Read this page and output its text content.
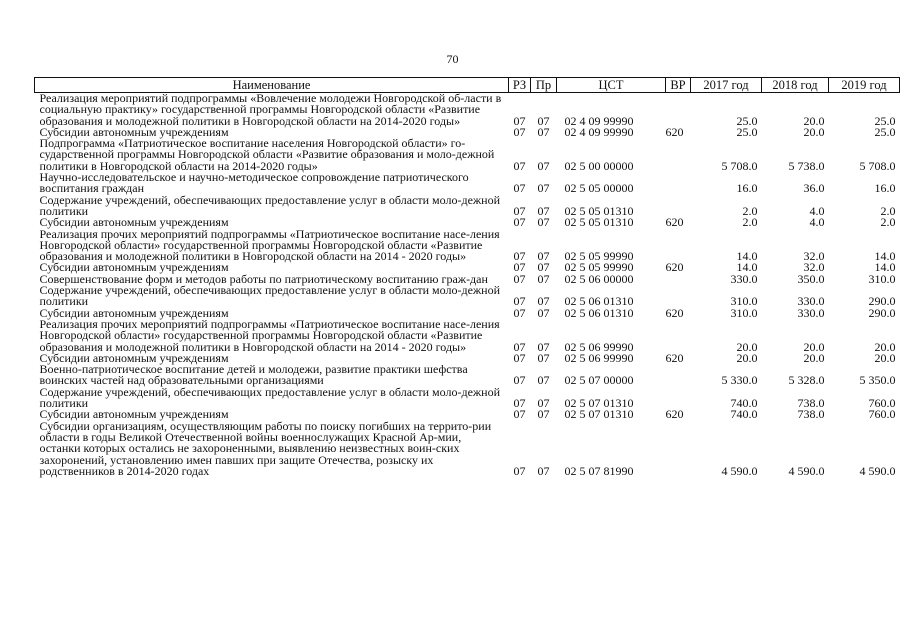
70
Наименование	РЗ	Пр	ЦСТ	ВР	2017 год	2018 год	2019 год
Реализация мероприятий подпрограммы «Вовлечение молодежи Новгородской об-ласти в социальную практику» государственной программы Новгородской области «Развитие образования и молодежной политики в Новгородской области на 2014-2020 годы»	07	07	02 4 09 99990		25.0	20.0	25.0
Субсидии автономным учреждениям	07	07	02 4 09 99990	620	25.0	20.0	25.0
Подпрограмма «Патриотическое воспитание населения Новгородской области» го-сударственной программы Новгородской области «Развитие образования и моло-дежной политики в Новгородской области на 2014-2020 годы»	07	07	02 5 00 00000		5 708.0	5 738.0	5 708.0
Научно-исследовательское и научно-методическое сопровождение патриотического воспитания граждан	07	07	02 5 05 00000		16.0	36.0	16.0
Содержание учреждений, обеспечивающих предоставление услуг в области моло-дежной политики	07	07	02 5 05 01310		2.0	4.0	2.0
Субсидии автономным учреждениям	07	07	02 5 05 01310	620	2.0	4.0	2.0
Реализация прочих мероприятий подпрограммы «Патриотическое воспитание насе-ления Новгородской области» государственной программы Новгородской области «Развитие образования и молодежной политики в Новгородской области на 2014 - 2020 годы»	07	07	02 5 05 99990		14.0	32.0	14.0
Субсидии автономным учреждениям	07	07	02 5 05 99990	620	14.0	32.0	14.0
Совершенствование форм и методов работы по патриотическому воспитанию граж-дан	07	07	02 5 06 00000		330.0	350.0	310.0
Содержание учреждений, обеспечивающих предоставление услуг в области моло-дежной политики	07	07	02 5 06 01310		310.0	330.0	290.0
Субсидии автономным учреждениям	07	07	02 5 06 01310	620	310.0	330.0	290.0
Реализация прочих мероприятий подпрограммы «Патриотическое воспитание насе-ления Новгородской области» государственной программы Новгородской области «Развитие образования и молодежной политики в Новгородской области на 2014 - 2020 годы»	07	07	02 5 06 99990		20.0	20.0	20.0
Субсидии автономным учреждениям	07	07	02 5 06 99990	620	20.0	20.0	20.0
Военно-патриотическое воспитание детей и молодежи, развитие практики шефства воинских частей над образовательными организациями	07	07	02 5 07 00000		5 330.0	5 328.0	5 350.0
Содержание учреждений, обеспечивающих предоставление услуг в области моло-дежной политики	07	07	02 5 07 01310		740.0	738.0	760.0
Субсидии автономным учреждениям	07	07	02 5 07 01310	620	740.0	738.0	760.0
Субсидии организациям, осуществляющим работы по поиску погибших на террито-рии области в годы Великой Отечественной войны военнослужащих Красной Ар-мии, останки которых остались не захороненными, выявлению неизвестных воин-ских захоронений, установлению имен павших при защите Отечества, розыску их родственников в 2014-2020 годах	07	07	02 5 07 81990		4 590.0	4 590.0	4 590.0
